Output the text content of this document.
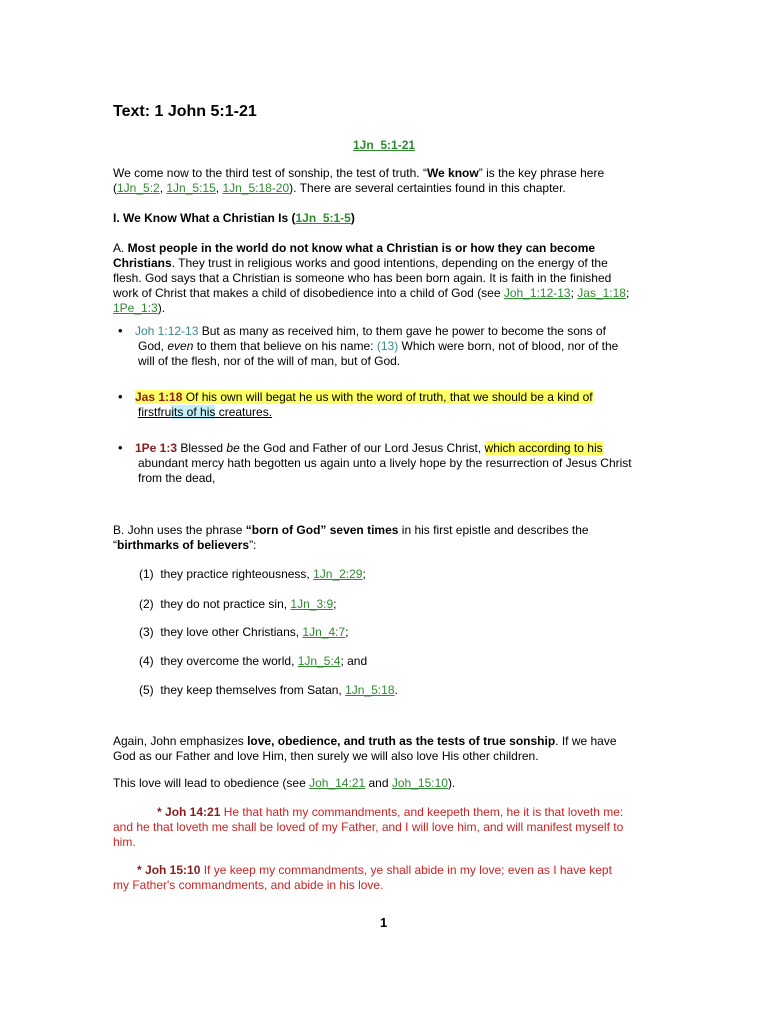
Text: 1 John 5:1-21
1Jn_5:1-21
We come now to the third test of sonship, the test of truth. “We know” is the key phrase here
(1Jn_5:2, 1Jn_5:15, 1Jn_5:18-20). There are several certainties found in this chapter.
I. We Know What a Christian Is (1Jn_5:1-5)
A. Most people in the world do not know what a Christian is or how they can become
Christians. They trust in religious works and good intentions, depending on the energy of the
flesh. God says that a Christian is someone who has been born again. It is faith in the finished
work of Christ that makes a child of disobedience into a child of God (see Joh_1:12-13; Jas_1:18;
1Pe_1:3).
• Joh 1:12-13 But as many as received him, to them gave he power to become the sons of
God, even to them that believe on his name: (13) Which were born, not of blood, nor of the
will of the flesh, nor of the will of man, but of God.
• Jas 1:18 Of his own will begat he us with the word of truth, that we should be a kind of
firstfruits of his creatures.
• 1Pe 1:3 Blessed be the God and Father of our Lord Jesus Christ, which according to his
abundant mercy hath begotten us again unto a lively hope by the resurrection of Jesus Christ
from the dead,
B. John uses the phrase “born of God” seven times in his first epistle and describes the
“birthmarks of believers”:
(1) they practice righteousness, 1Jn_2:29;
(2) they do not practice sin, 1Jn_3:9;
(3) they love other Christians, 1Jn_4:7;
(4) they overcome the world, 1Jn_5:4; and
(5) they keep themselves from Satan, 1Jn_5:18.
Again, John emphasizes love, obedience, and truth as the tests of true sonship. If we have
God as our Father and love Him, then surely we will also love His other children.
This love will lead to obedience (see Joh_14:21 and Joh_15:10).
* Joh 14:21 He that hath my commandments, and keepeth them, he it is that loveth me:
and he that loveth me shall be loved of my Father, and I will love him, and will manifest myself to
him.
* Joh 15:10 If ye keep my commandments, ye shall abide in my love; even as I have kept
my Father's commandments, and abide in his love.
1
